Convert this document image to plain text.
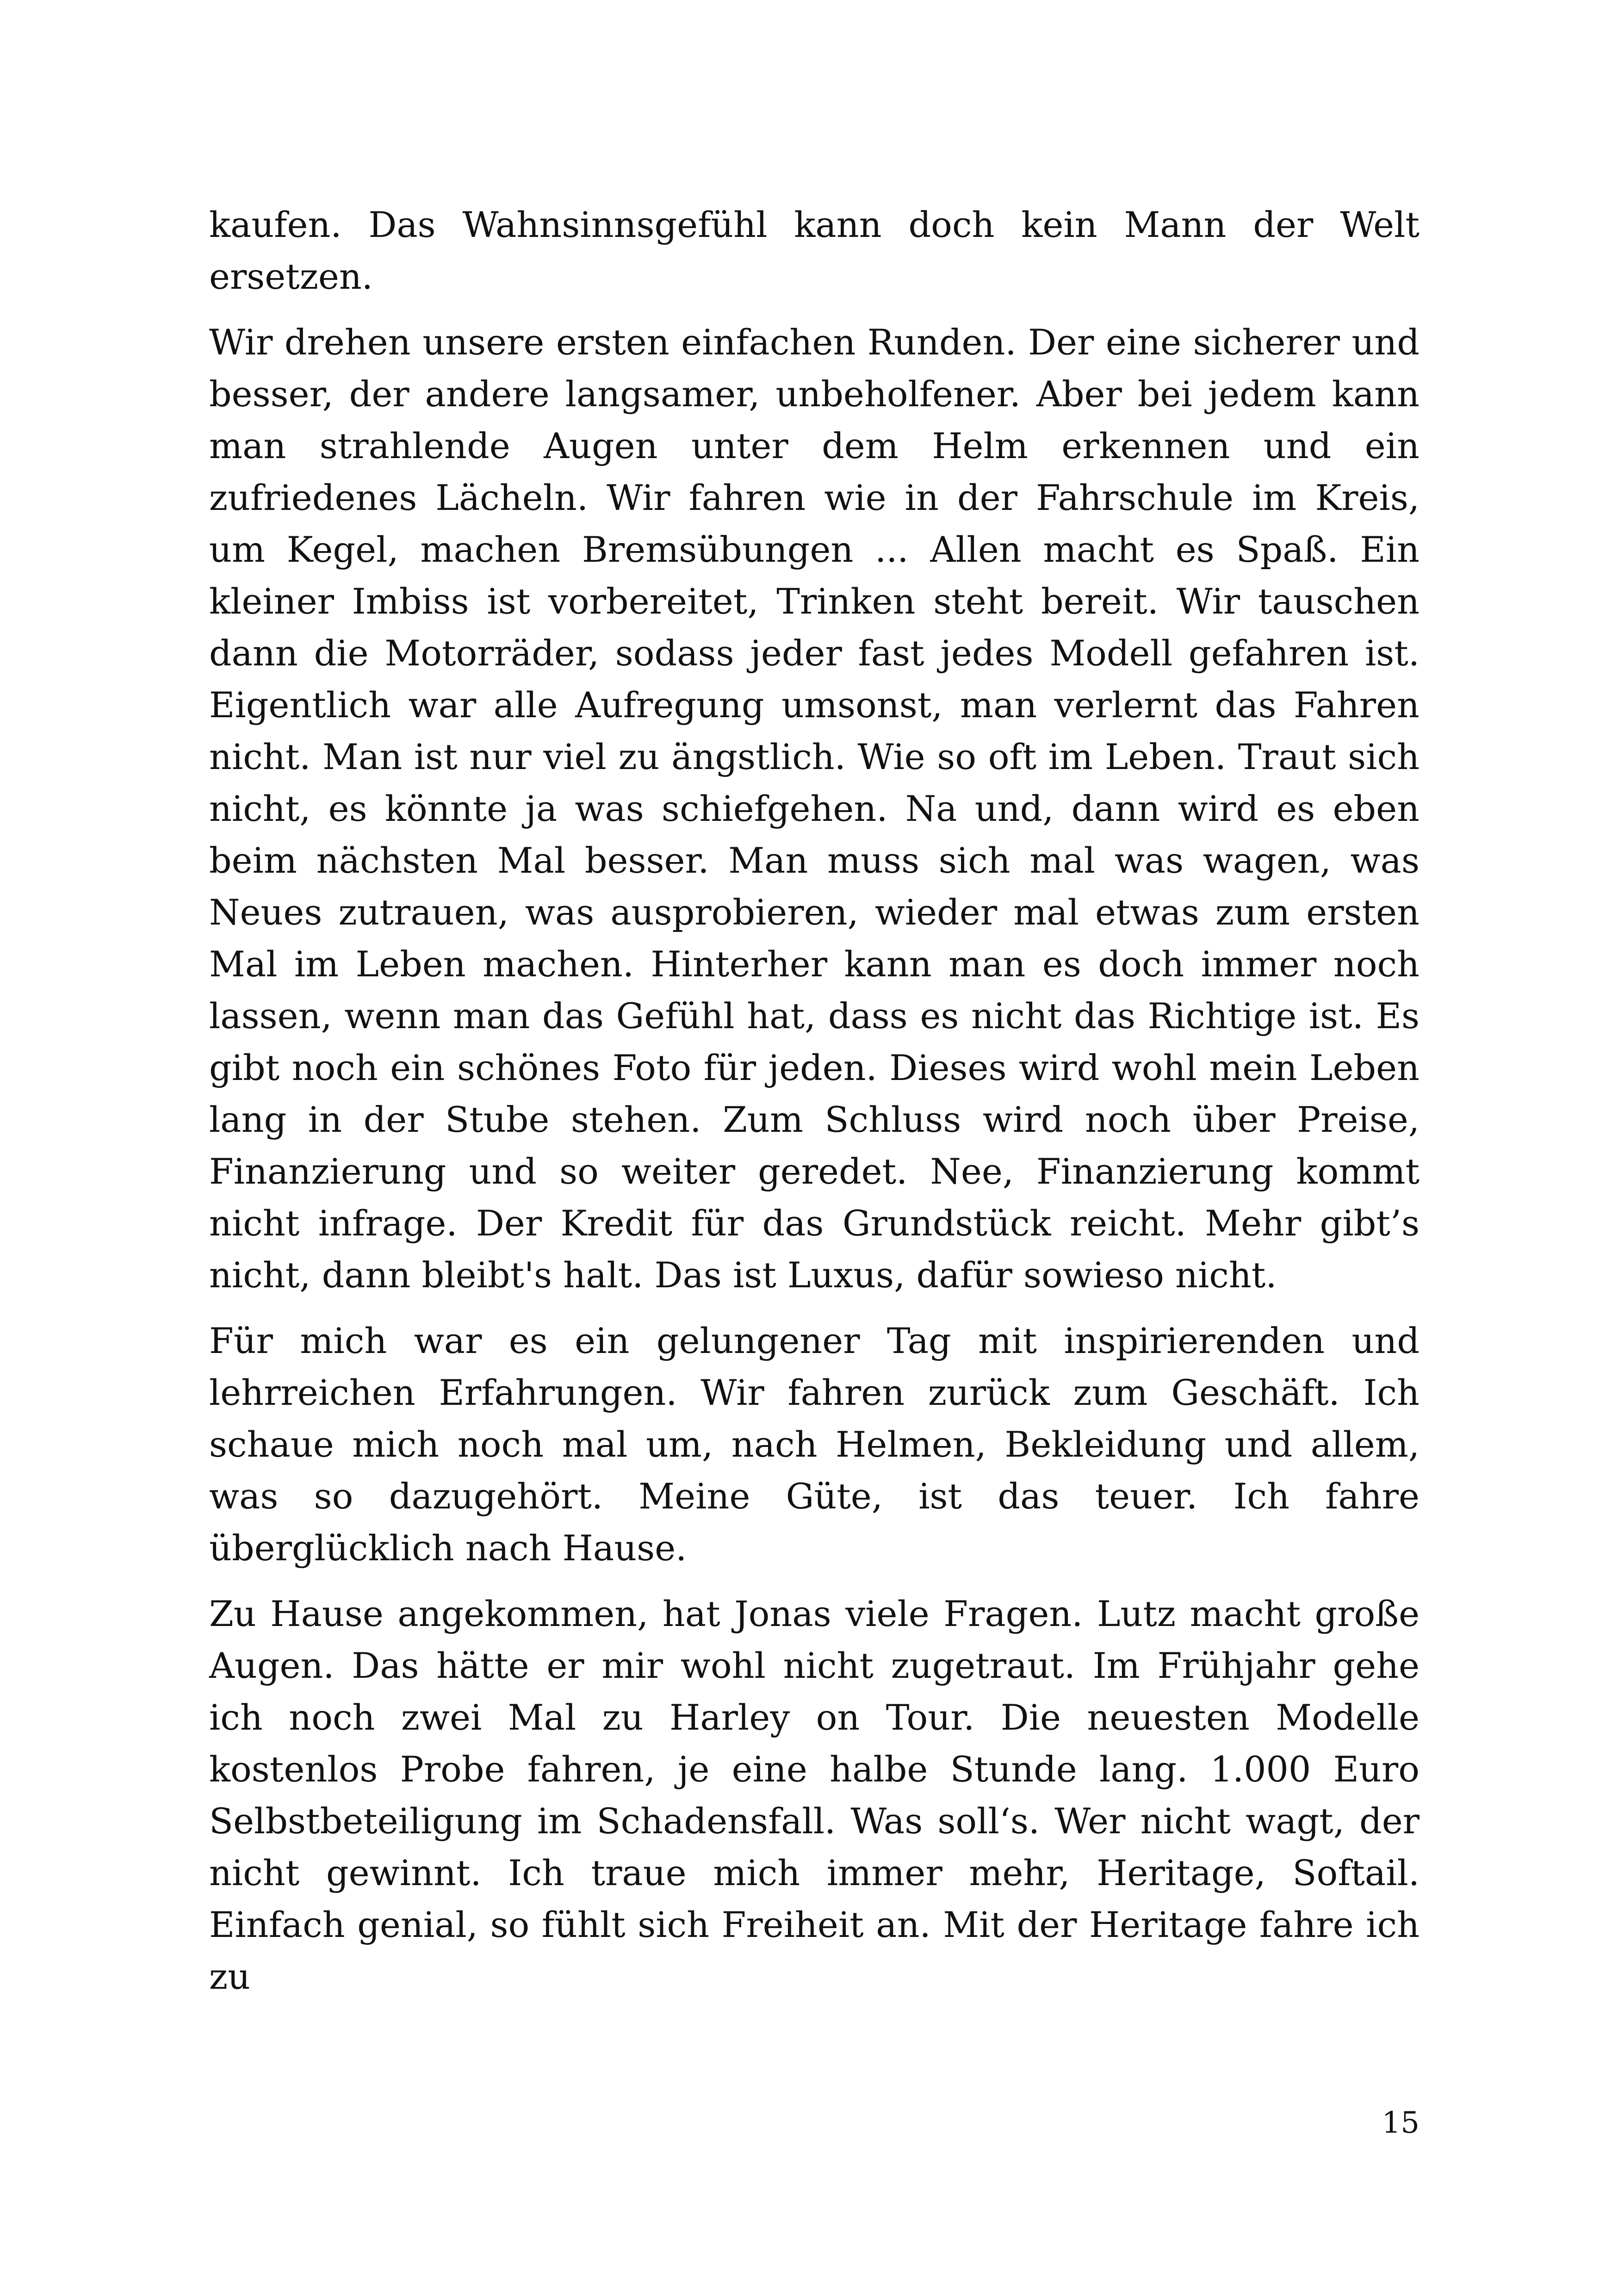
kaufen. Das Wahnsinnsgefühl kann doch kein Mann der Welt ersetzen.

Wir drehen unsere ersten einfachen Runden. Der eine sicherer und besser, der andere langsamer, unbeholfener. Aber bei jedem kann man strahlende Augen unter dem Helm erkennen und ein zufriedenes Lächeln. Wir fahren wie in der Fahrschule im Kreis, um Kegel, machen Bremsübungen ... Allen macht es Spaß. Ein kleiner Imbiss ist vorbereitet, Trinken steht bereit. Wir tauschen dann die Motorräder, sodass jeder fast jedes Modell gefahren ist. Eigentlich war alle Aufregung umsonst, man verlernt das Fahren nicht. Man ist nur viel zu ängstlich. Wie so oft im Leben. Traut sich nicht, es könnte ja was schiefgehen. Na und, dann wird es eben beim nächsten Mal besser. Man muss sich mal was wagen, was Neues zutrauen, was ausprobieren, wieder mal etwas zum ersten Mal im Leben machen. Hinterher kann man es doch immer noch lassen, wenn man das Gefühl hat, dass es nicht das Richtige ist. Es gibt noch ein schönes Foto für jeden. Dieses wird wohl mein Leben lang in der Stube stehen. Zum Schluss wird noch über Preise, Finanzierung und so weiter geredet. Nee, Finanzierung kommt nicht infrage. Der Kredit für das Grundstück reicht. Mehr gibt’s nicht, dann bleibt's halt. Das ist Luxus, dafür sowieso nicht.

Für mich war es ein gelungener Tag mit inspirierenden und lehrreichen Erfahrungen. Wir fahren zurück zum Geschäft. Ich schaue mich noch mal um, nach Helmen, Bekleidung und allem, was so dazugehört. Meine Güte, ist das teuer. Ich fahre überglücklich nach Hause.

Zu Hause angekommen, hat Jonas viele Fragen. Lutz macht große Augen. Das hätte er mir wohl nicht zugetraut. Im Frühjahr gehe ich noch zwei Mal zu Harley on Tour. Die neuesten Modelle kostenlos Probe fahren, je eine halbe Stunde lang. 1.000 Euro Selbstbeteiligung im Schadensfall. Was soll‘s. Wer nicht wagt, der nicht gewinnt. Ich traue mich immer mehr, Heritage, Softail. Einfach genial, so fühlt sich Freiheit an. Mit der Heritage fahre ich zu

15
